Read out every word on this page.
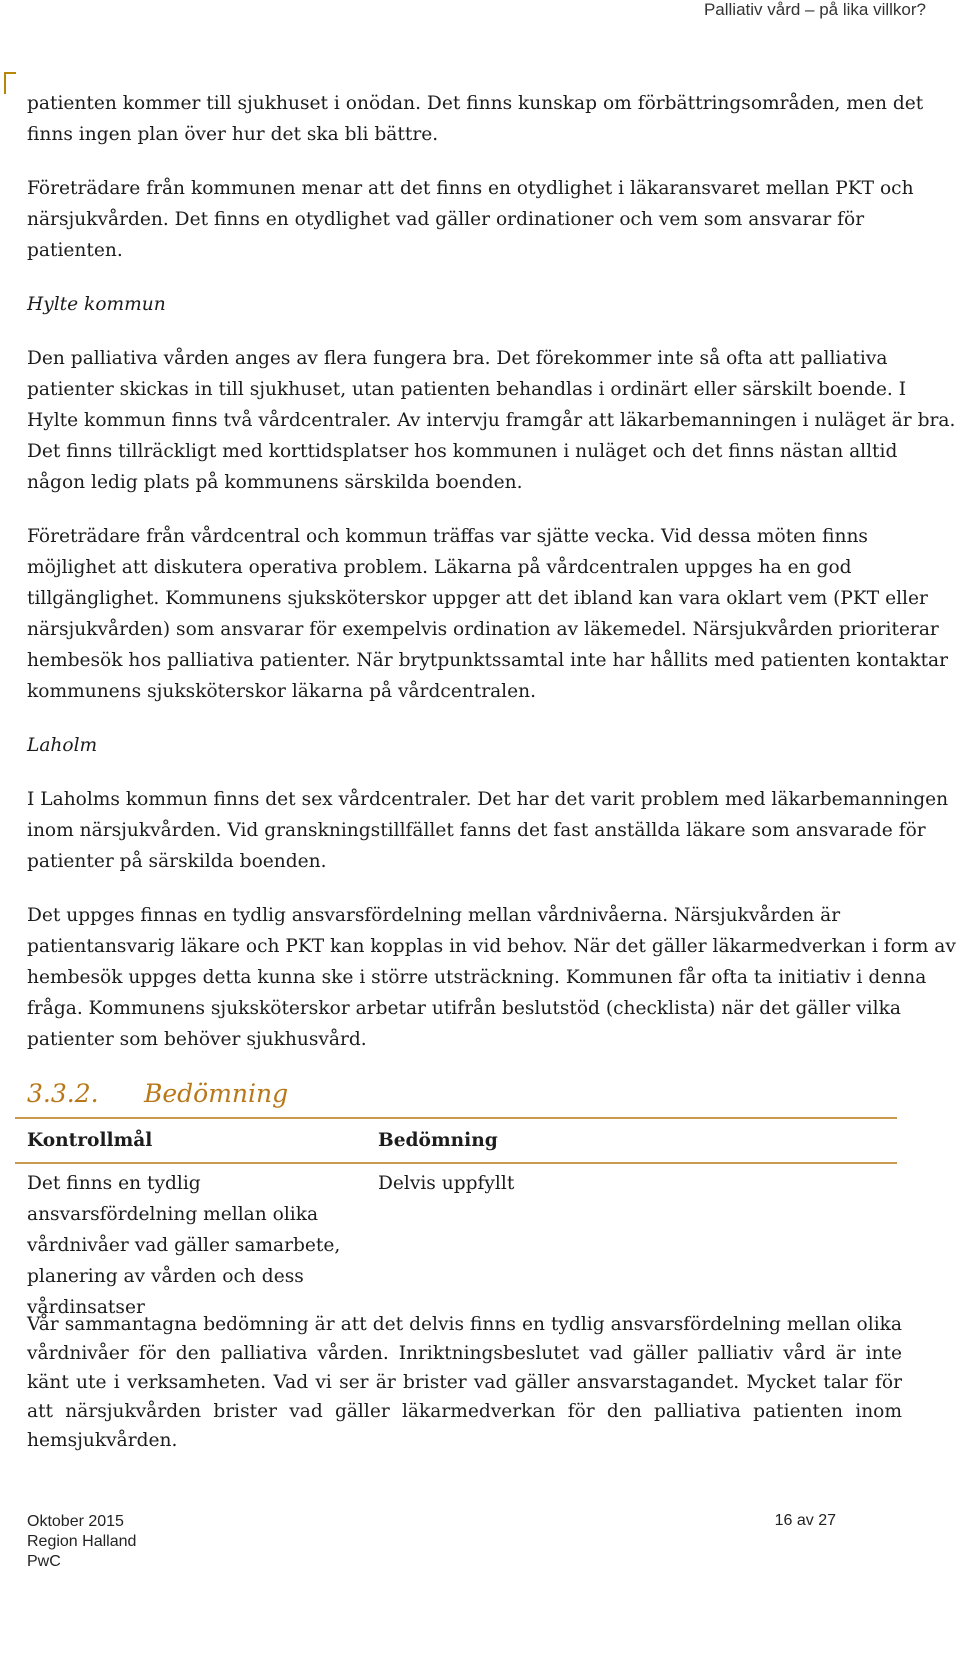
Palliativ vård – på lika villkor?

patienten kommer till sjukhuset i onödan. Det finns kunskap om förbättringsområden, men det finns ingen plan över hur det ska bli bättre.

Företrädare från kommunen menar att det finns en otydlighet i läkaransvaret mellan PKT och närsjukvården. Det finns en otydlighet vad gäller ordinationer och vem som ansvarar för patienten.

Hylte kommun

Den palliativa vården anges av flera fungera bra. Det förekommer inte så ofta att palliativa patienter skickas in till sjukhuset, utan patienten behandlas i ordinärt eller särskilt boende. I Hylte kommun finns två vårdcentraler. Av intervju framgår att läkarbemanningen i nuläget är bra. Det finns tillräckligt med korttidsplatser hos kommunen i nuläget och det finns nästan alltid någon ledig plats på kommunens särskilda boenden.

Företrädare från vårdcentral och kommun träffas var sjätte vecka. Vid dessa möten finns möjlighet att diskutera operativa problem. Läkarna på vårdcentralen uppges ha en god tillgänglighet. Kommunens sjuksköterskor uppger att det ibland kan vara oklart vem (PKT eller närsjukvården) som ansvarar för exempelvis ordination av läkemedel. Närsjukvården prioriterar hembesök hos palliativa patienter. När brytpunktssamtal inte har hållits med patienten kontaktar kommunens sjuksköterskor läkarna på vårdcentralen.

Laholm

I Laholms kommun finns det sex vårdcentraler. Det har det varit problem med läkarbemanningen inom närsjukvården. Vid granskningstillfället fanns det fast anställda läkare som ansvarade för patienter på särskilda boenden.

Det uppges finnas en tydlig ansvarsfördelning mellan vårdnivåerna. Närsjukvården är patientansvarig läkare och PKT kan kopplas in vid behov. När det gäller läkarmedverkan i form av hembesök uppges detta kunna ske i större utsträckning. Kommunen får ofta ta initiativ i denna fråga. Kommunens sjuksköterskor arbetar utifrån beslutstöd (checklista) när det gäller vilka patienter som behöver sjukhusvård.

3.3.2.	Bedömning
Kontrollmål	Bedömning
Det finns en tydlig ansvarsfördelning mellan olika vårdnivåer vad gäller samarbete, planering av vården och dess vårdinsatser	Delvis uppfyllt
Vår sammantagna bedömning är att det delvis finns en tydlig ansvarsfördelning mellan olika vårdnivåer för den palliativa vården. Inriktningsbeslutet vad gäller palliativ vård är inte känt ute i verksamheten. Vad vi ser är brister vad gäller ansvarstagandet. Mycket talar för att närsjukvården brister vad gäller läkarmedverkan för den palliativa patienten inom hemsjukvården.
Oktober 2015
Region Halland
PwC
16 av 27
